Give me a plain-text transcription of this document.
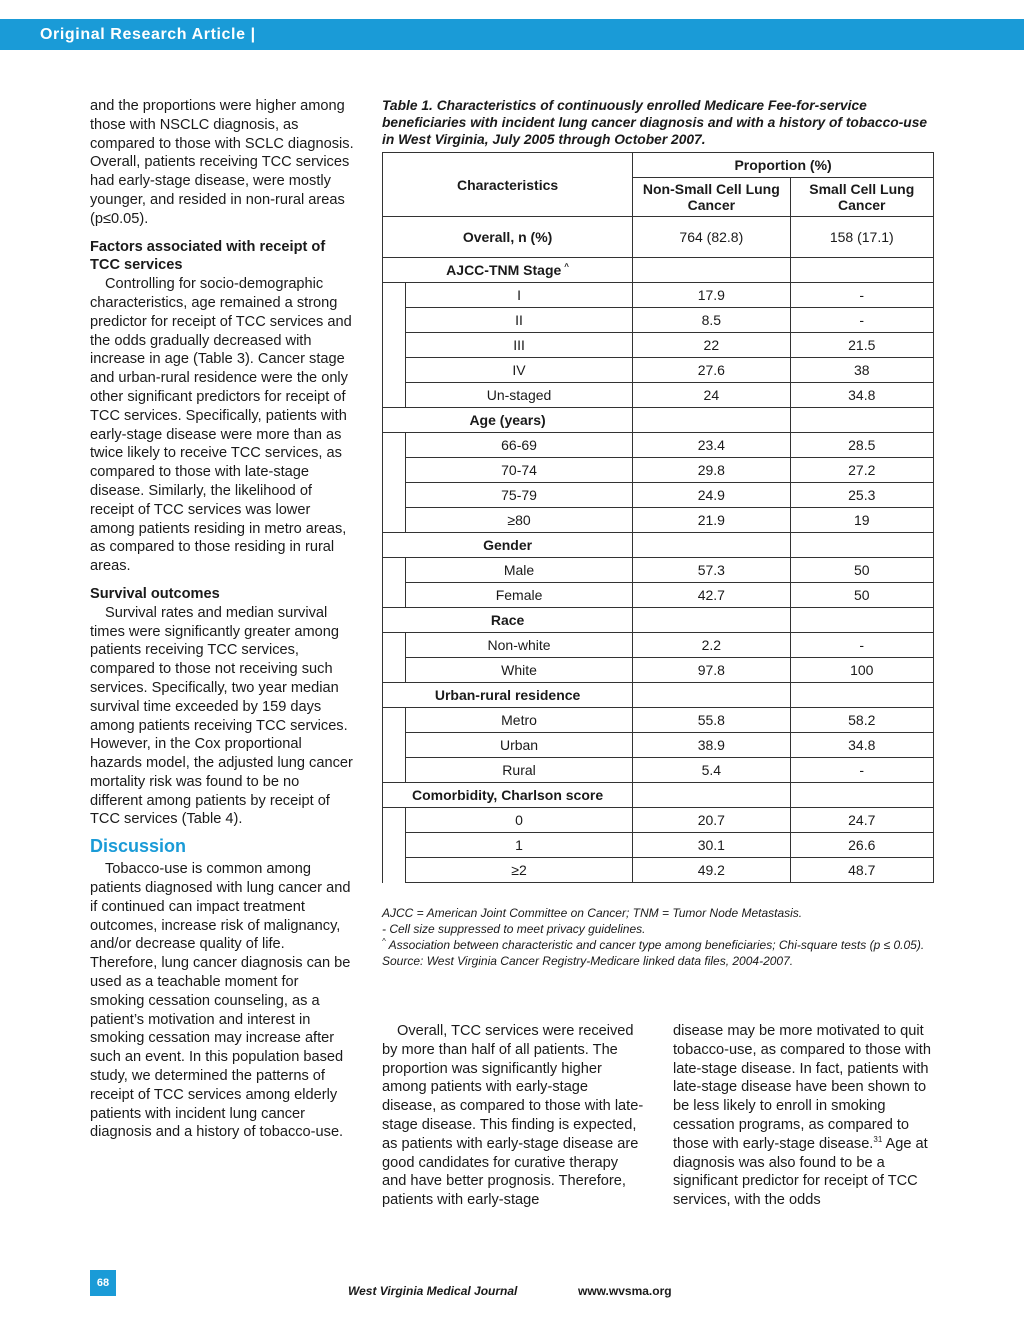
Original Research Article |

and the proportions were higher among those with NSCLC diagnosis, as compared to those with SCLC diagnosis. Overall, patients receiving TCC services had early-stage disease, were mostly younger, and resided in non-rural areas (p≤0.05).

Factors associated with receipt of TCC services

Controlling for socio-demographic characteristics, age remained a strong predictor for receipt of TCC services and the odds gradually decreased with increase in age (Table 3). Cancer stage and urban-rural residence were the only other significant predictors for receipt of TCC services. Specifically, patients with early-stage disease were more than as twice likely to receive TCC services, as compared to those with late-stage disease. Similarly, the likelihood of receipt of TCC services was lower among patients residing in metro areas, as compared to those residing in rural areas.

Survival outcomes

Survival rates and median survival times were significantly greater among patients receiving TCC services, compared to those not receiving such services. Specifically, two year median survival time exceeded by 159 days among patients receiving TCC services. However, in the Cox proportional hazards model, the adjusted lung cancer mortality risk was found to be no different among patients by receipt of TCC services (Table 4).

Discussion

Tobacco-use is common among patients diagnosed with lung cancer and if continued can impact treatment outcomes, increase risk of malignancy, and/or decrease quality of life. Therefore, lung cancer diagnosis can be used as a teachable moment for smoking cessation counseling, as a patient’s motivation and interest in smoking cessation may increase after such an event. In this population based study, we determined the patterns of receipt of TCC services among elderly patients with incident lung cancer diagnosis and a history of tobacco-use.

Table 1. Characteristics of continuously enrolled Medicare Fee-for-service beneficiaries with incident lung cancer diagnosis and with a history of tobacco-use in West Virginia, July 2005 through October 2007.
Characteristics		Proportion (%)	
		Non-Small Cell Lung Cancer	Small Cell Lung Cancer
Overall, n (%)		764 (82.8)	158 (17.1)
AJCC-TNM Stage ^		
	I	17.9	-
	II	8.5	-
	III	22	21.5
	IV	27.6	38
	Un-staged	24	34.8
Age (years)			
	66-69	23.4	28.5
	70-74	29.8	27.2
	75-79	24.9	25.3
	≥80	21.9	19
Gender			
	Male	57.3	50
	Female	42.7	50
Race			
	Non-white	2.2	-
	White	97.8	100
Urban-rural residence			
	Metro	55.8	58.2
	Urban	38.9	34.8
	Rural	5.4	-
Comorbidity, Charlson score			
	0	20.7	24.7
	1	30.1	26.6
	≥2	49.2	48.7

AJCC = American Joint Committee on Cancer; TNM = Tumor Node Metastasis.

- Cell size suppressed to meet privacy guidelines.

^ Association between characteristic and cancer type among beneficiaries; Chi-square tests (p ≤ 0.05).

Source: West Virginia Cancer Registry-Medicare linked data files, 2004-2007.

Overall, TCC services were received by more than half of all patients. The proportion was significantly higher among patients with early-stage disease, as compared to those with late-stage disease. This finding is expected, as patients with early-stage disease are good candidates for curative therapy and have better prognosis. Therefore, patients with early-stage

disease may be more motivated to quit tobacco-use, as compared to those with late-stage disease. In fact, patients with late-stage disease have been shown to be less likely to enroll in smoking cessation programs, as compared to those with early-stage disease.$^{31}$ Age at diagnosis was also found to be a significant predictor for receipt of TCC services, with the odds

68
West Virginia Medical Journal	www.wvsma.org
